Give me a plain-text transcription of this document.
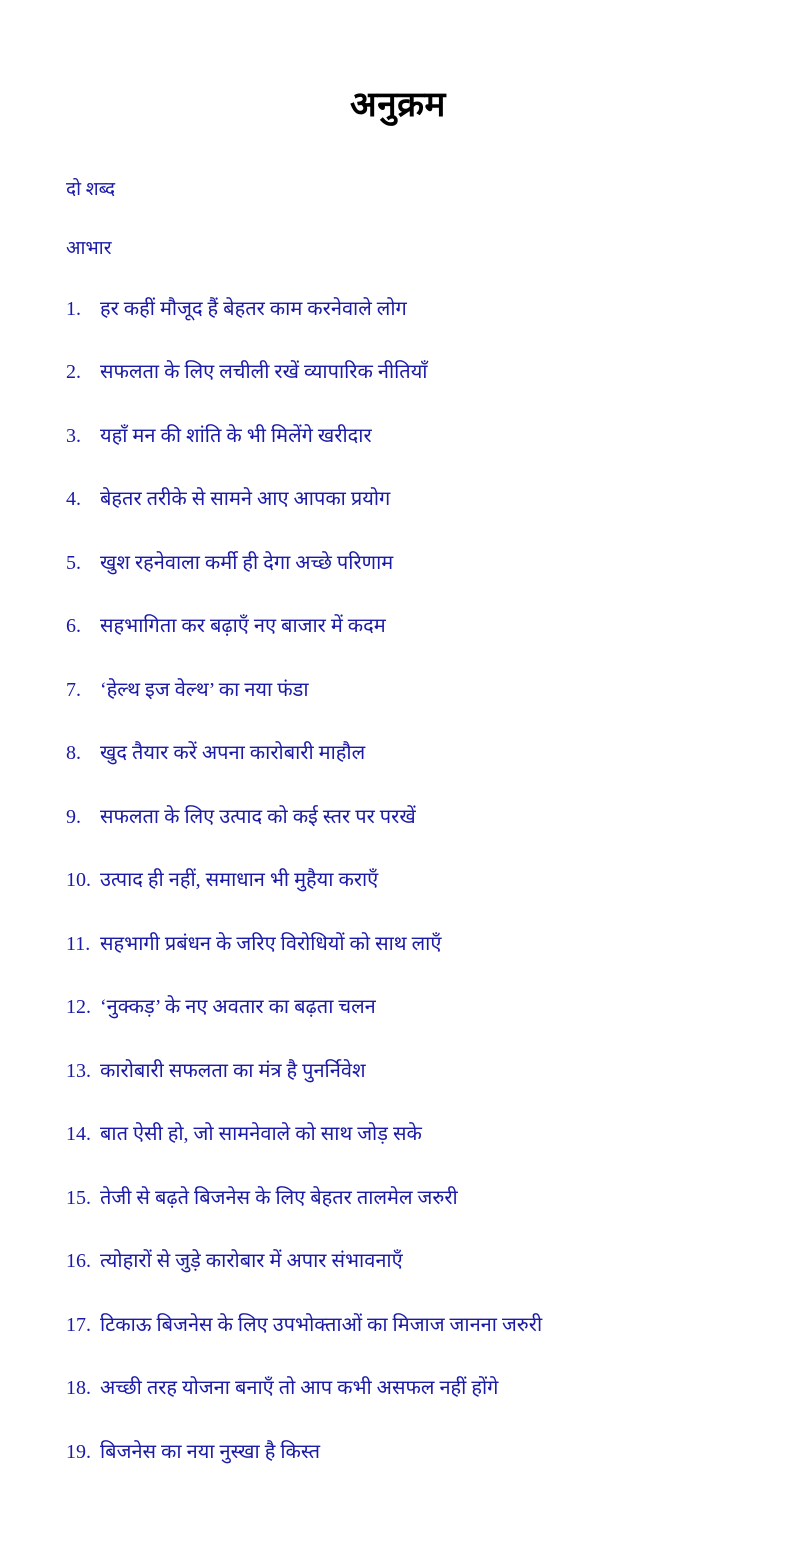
अनुक्रम
दो शब्द
आभार
1. हर कहीं मौजूद हैं बेहतर काम करनेवाले लोग
2. सफलता के लिए लचीली रखें व्यापारिक नीतियाँ
3. यहाँ मन की शांति के भी मिलेंगे खरीदार
4. बेहतर तरीके से सामने आए आपका प्रयोग
5. खुश रहनेवाला कर्मी ही देगा अच्छे परिणाम
6. सहभागिता कर बढ़ाएँ नए बाजार में कदम
7. ‘हेल्थ इज वेल्थ’ का नया फंडा
8. खुद तैयार करें अपना कारोबारी माहौल
9. सफलता के लिए उत्पाद को कई स्तर पर परखें
10. उत्पाद ही नहीं, समाधान भी मुहैया कराएँ
11. सहभागी प्रबंधन के जरिए विरोधियों को साथ लाएँ
12. ‘नुक्कड़’ के नए अवतार का बढ़ता चलन
13. कारोबारी सफलता का मंत्र है पुनर्निवेश
14. बात ऐसी हो, जो सामनेवाले को साथ जोड़ सके
15. तेजी से बढ़ते बिजनेस के लिए बेहतर तालमेल जरुरी
16. त्योहारों से जुड़े कारोबार में अपार संभावनाएँ
17. टिकाऊ बिजनेस के लिए उपभोक्ताओं का मिजाज जानना जरुरी
18. अच्छी तरह योजना बनाएँ तो आप कभी असफल नहीं होंगे
19. बिजनेस का नया नुस्खा है किस्त
